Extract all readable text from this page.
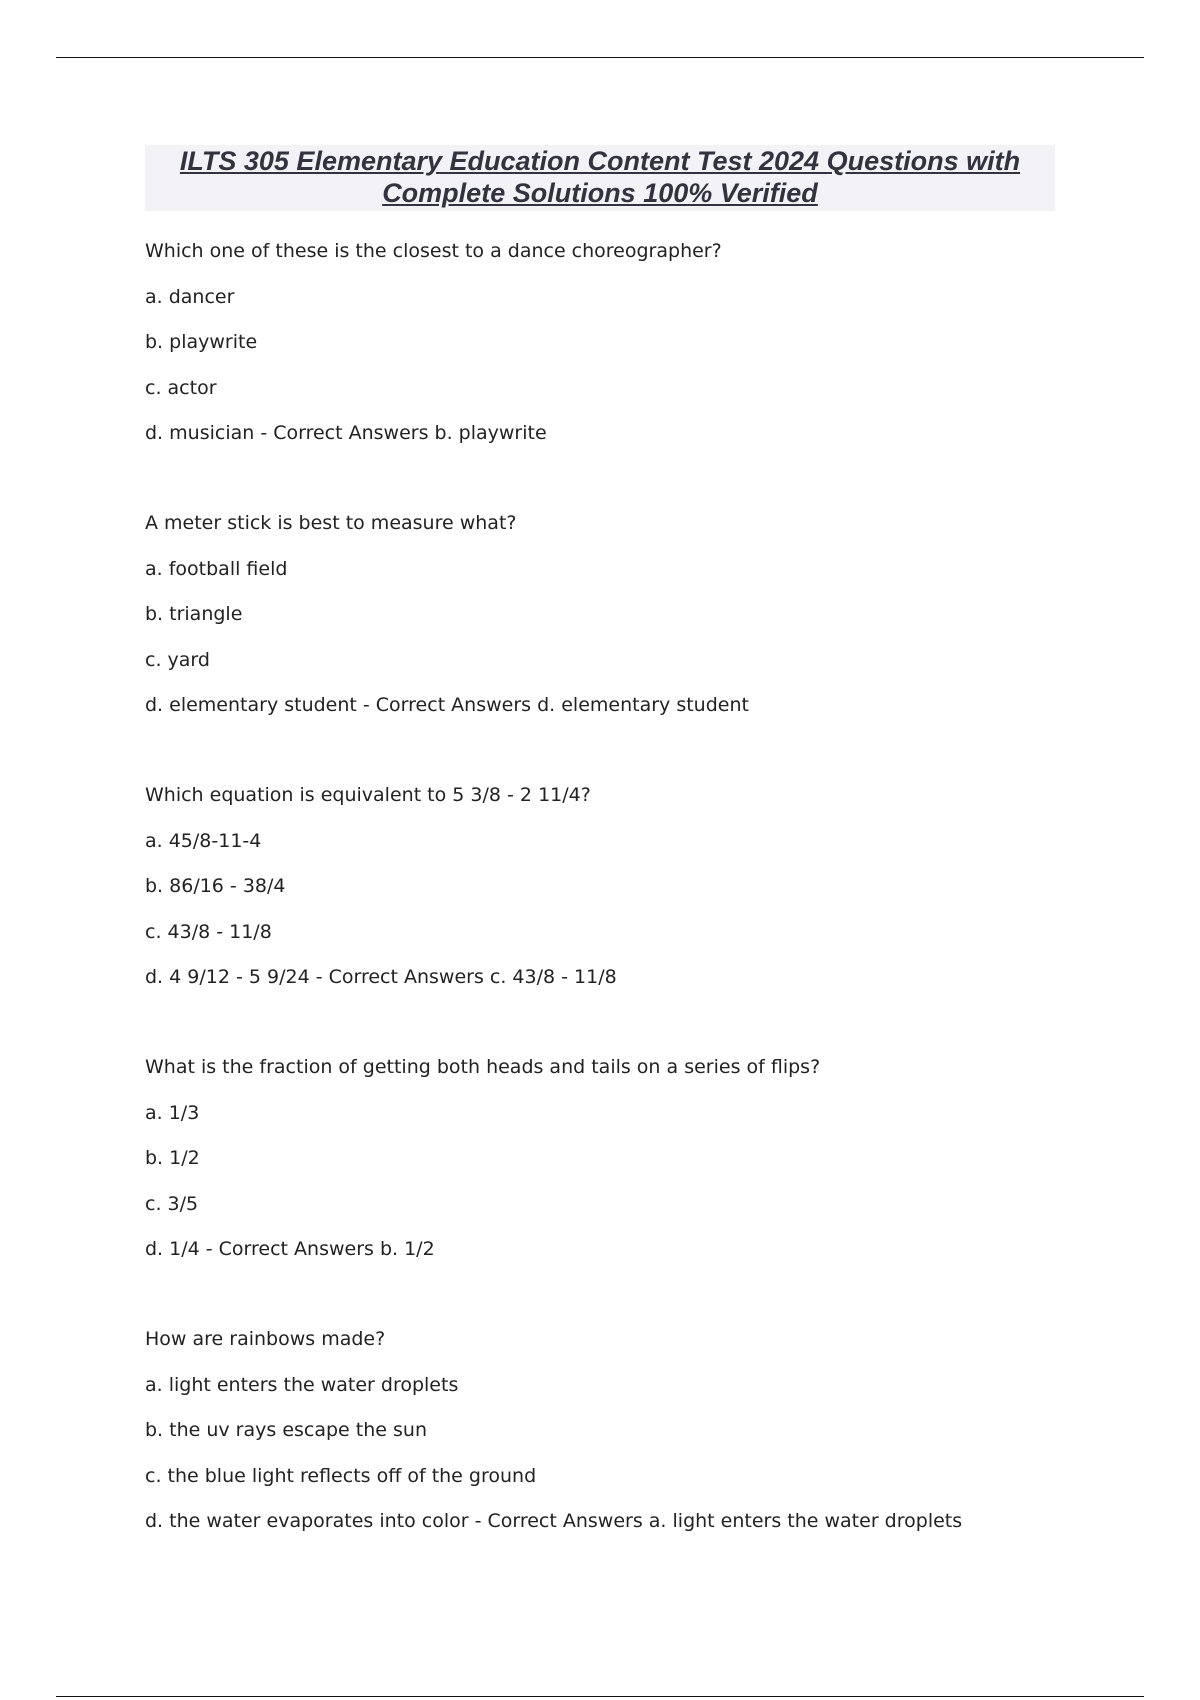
ILTS 305 Elementary Education Content Test 2024 Questions with
Complete Solutions 100% Verified
Which one of these is the closest to a dance choreographer?
a. dancer
b. playwrite
c. actor
d. musician - Correct Answers b. playwrite
A meter stick is best to measure what?
a. football field
b. triangle
c. yard
d. elementary student - Correct Answers d. elementary student
Which equation is equivalent to 5 3/8 - 2 11/4?
a. 45/8-11-4
b. 86/16 - 38/4
c. 43/8 - 11/8
d. 4 9/12 - 5 9/24 - Correct Answers c. 43/8 - 11/8
What is the fraction of getting both heads and tails on a series of flips?
a. 1/3
b. 1/2
c. 3/5
d. 1/4 - Correct Answers b. 1/2
How are rainbows made?
a. light enters the water droplets
b. the uv rays escape the sun
c. the blue light reflects off of the ground
d. the water evaporates into color - Correct Answers a. light enters the water droplets
